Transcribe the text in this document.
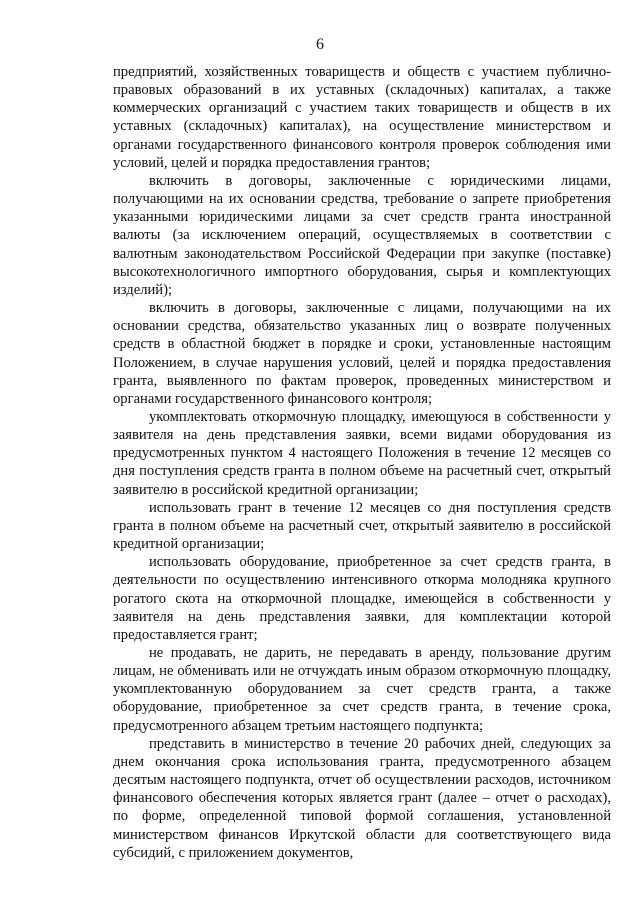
6

предприятий, хозяйственных товариществ и обществ с участием публично-правовых образований в их уставных (складочных) капиталах, а также коммерческих организаций с участием таких товариществ и обществ в их уставных (складочных) капиталах), на осуществление министерством и органами государственного финансового контроля проверок соблюдения ими условий, целей и порядка предоставления грантов;

включить в договоры, заключенные с юридическими лицами, получающими на их основании средства, требование о запрете приобретения указанными юридическими лицами за счет средств гранта иностранной валюты (за исключением операций, осуществляемых в соответствии с валютным законодательством Российской Федерации при закупке (поставке) высокотехнологичного импортного оборудования, сырья и комплектующих изделий);

включить в договоры, заключенные с лицами, получающими на их основании средства, обязательство указанных лиц о возврате полученных средств в областной бюджет в порядке и сроки, установленные настоящим Положением, в случае нарушения условий, целей и порядка предоставления гранта, выявленного по фактам проверок, проведенных министерством и органами государственного финансового контроля;

укомплектовать откормочную площадку, имеющуюся в собственности у заявителя на день представления заявки, всеми видами оборудования из предусмотренных пунктом 4 настоящего Положения в течение 12 месяцев со дня поступления средств гранта в полном объеме на расчетный счет, открытый заявителю в российской кредитной организации;

использовать грант в течение 12 месяцев со дня поступления средств гранта в полном объеме на расчетный счет, открытый заявителю в российской кредитной организации;

использовать оборудование, приобретенное за счет средств гранта, в деятельности по осуществлению интенсивного откорма молодняка крупного рогатого скота на откормочной площадке, имеющейся в собственности у заявителя на день представления заявки, для комплектации которой предоставляется грант;

не продавать, не дарить, не передавать в аренду, пользование другим лицам, не обменивать или не отчуждать иным образом откормочную площадку, укомплектованную оборудованием за счет средств гранта, а также оборудование, приобретенное за счет средств гранта, в течение срока, предусмотренного абзацем третьим настоящего подпункта;

представить в министерство в течение 20 рабочих дней, следующих за днем окончания срока использования гранта, предусмотренного абзацем десятым настоящего подпункта, отчет об осуществлении расходов, источником финансового обеспечения которых является грант (далее – отчет о расходах), по форме, определенной типовой формой соглашения, установленной министерством финансов Иркутской области для соответствующего вида субсидий, с приложением документов,
